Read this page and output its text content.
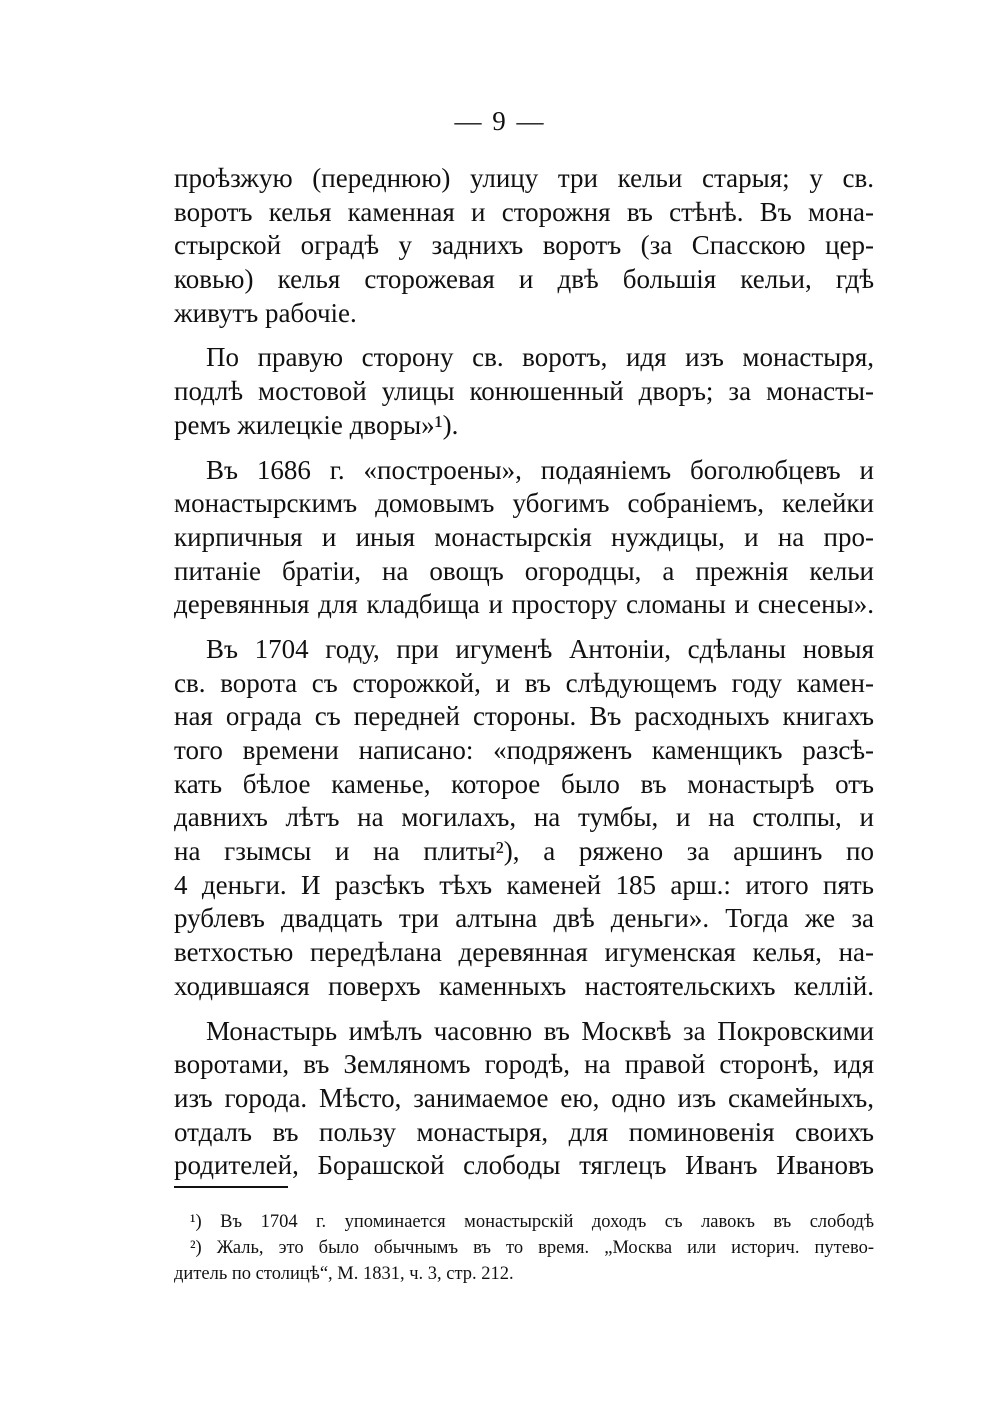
— 9 —
проѣзжую (переднюю) улицу три кельи старыя; у св.
воротъ келья каменная и сторожня въ стѣнѣ. Въ мона-
стырской оградѣ у заднихъ воротъ (за Спасскою цер-
ковью) келья сторожевая и двѣ большія кельи, гдѣ
живутъ рабочіе.
По правую сторону св. воротъ, идя изъ монастыря,
подлѣ мостовой улицы конюшенный дворъ; за монасты-
ремъ жилецкіе дворы»¹).
Въ 1686 г. «построены», подаяніемъ боголюбцевъ и
монастырскимъ домовымъ убогимъ собраніемъ, келейки
кирпичныя и иныя монастырскія нуждицы, и на про-
питаніе братіи, на овощъ огородцы, а прежнія кельи
деревянныя для кладбища и простору сломаны и снесены».
Въ 1704 году, при игуменѣ Антоніи, сдѣланы новыя
св. ворота съ сторожкой, и въ слѣдующемъ году камен-
ная ограда съ передней стороны. Въ расходныхъ книгахъ
того времени написано: «подряженъ каменщикъ разсѣ-
кать бѣлое каменье, которое было въ монастырѣ отъ
давнихъ лѣтъ на могилахъ, на тумбы, и на столпы, и
на гзымсы и на плиты²), а ряжено за аршинъ по
4 деньги. И разсѣкъ тѣхъ каменей 185 арш.: итого пять
рублевъ двадцать три алтына двѣ деньги». Тогда же за
ветхостью передѣлана деревянная игуменская келья, на-
ходившаяся поверхъ каменныхъ настоятельскихъ келлій.
Монастырь имѣлъ часовню въ Москвѣ за Покровскими
воротами, въ Земляномъ городѣ, на правой сторонѣ, идя
изъ города. Мѣсто, занимаемое ею, одно изъ скамейныхъ,
отдалъ въ пользу монастыря, для поминовенія своихъ
родителей, Борашской слободы тяглецъ Иванъ Ивановъ
¹) Въ 1704 г. упоминается монастырскій доходъ съ лавокъ въ слободѣ
²) Жаль, это было обычнымъ въ то время. „Москва или историч. путево-
дитель по столицѣ“, М. 1831, ч. 3, стр. 212.
